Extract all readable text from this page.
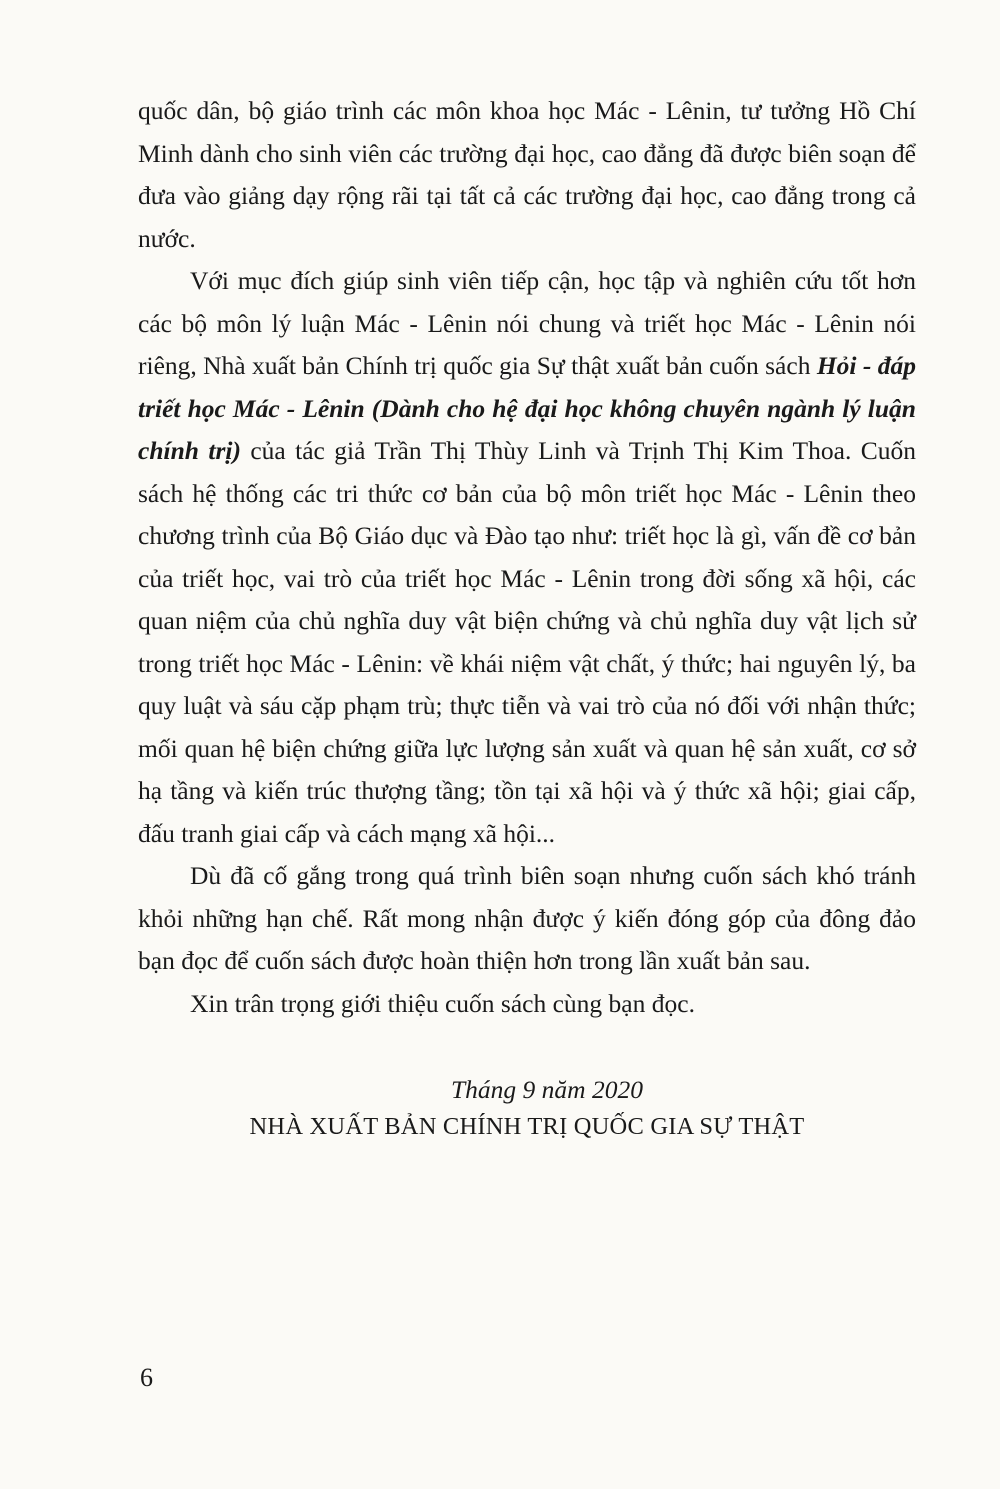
quốc dân, bộ giáo trình các môn khoa học Mác - Lênin, tư tưởng Hồ Chí Minh dành cho sinh viên các trường đại học, cao đẳng đã được biên soạn để đưa vào giảng dạy rộng rãi tại tất cả các trường đại học, cao đẳng trong cả nước.

Với mục đích giúp sinh viên tiếp cận, học tập và nghiên cứu tốt hơn các bộ môn lý luận Mác - Lênin nói chung và triết học Mác - Lênin nói riêng, Nhà xuất bản Chính trị quốc gia Sự thật xuất bản cuốn sách Hỏi - đáp triết học Mác - Lênin (Dành cho hệ đại học không chuyên ngành lý luận chính trị) của tác giả Trần Thị Thùy Linh và Trịnh Thị Kim Thoa. Cuốn sách hệ thống các tri thức cơ bản của bộ môn triết học Mác - Lênin theo chương trình của Bộ Giáo dục và Đào tạo như: triết học là gì, vấn đề cơ bản của triết học, vai trò của triết học Mác - Lênin trong đời sống xã hội, các quan niệm của chủ nghĩa duy vật biện chứng và chủ nghĩa duy vật lịch sử trong triết học Mác - Lênin: về khái niệm vật chất, ý thức; hai nguyên lý, ba quy luật và sáu cặp phạm trù; thực tiễn và vai trò của nó đối với nhận thức; mối quan hệ biện chứng giữa lực lượng sản xuất và quan hệ sản xuất, cơ sở hạ tầng và kiến trúc thượng tầng; tồn tại xã hội và ý thức xã hội; giai cấp, đấu tranh giai cấp và cách mạng xã hội...

Dù đã cố gắng trong quá trình biên soạn nhưng cuốn sách khó tránh khỏi những hạn chế. Rất mong nhận được ý kiến đóng góp của đông đảo bạn đọc để cuốn sách được hoàn thiện hơn trong lần xuất bản sau.

Xin trân trọng giới thiệu cuốn sách cùng bạn đọc.

Tháng 9 năm 2020
NHÀ XUẤT BẢN CHÍNH TRỊ QUỐC GIA SỰ THẬT
6
